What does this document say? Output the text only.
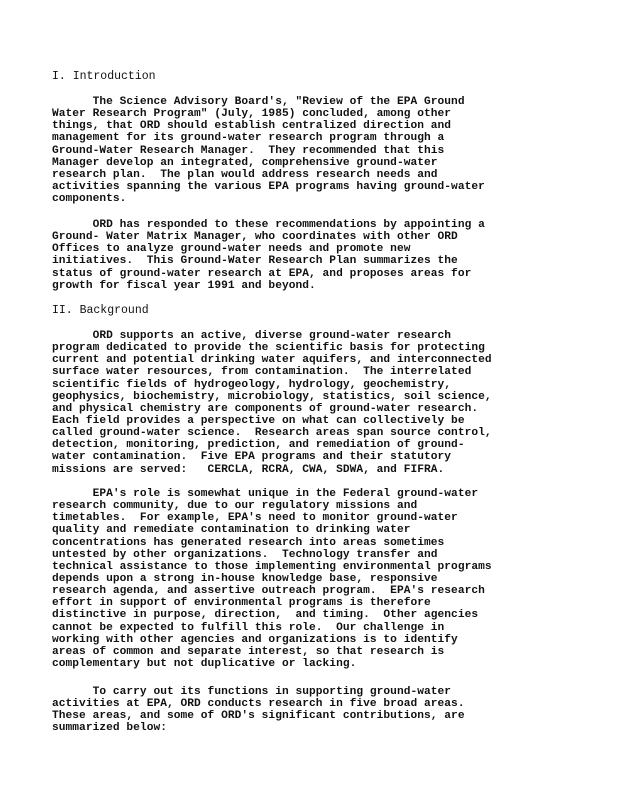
I. Introduction
The Science Advisory Board's, "Review of the EPA Ground
Water Research Program" (July, 1985) concluded, among other
things, that ORD should establish centralized direction and
management for its ground-water research program through a
Ground-Water Research Manager.  They recommended that this
Manager develop an integrated, comprehensive ground-water
research plan.  The plan would address research needs and
activities spanning the various EPA programs having ground-water
components.
ORD has responded to these recommendations by appointing a
Ground- Water Matrix Manager, who coordinates with other ORD
Offices to analyze ground-water needs and promote new
initiatives.  This Ground-Water Research Plan summarizes the
status of ground-water research at EPA, and proposes areas for
growth for fiscal year 1991 and beyond.
II. Background
ORD supports an active, diverse ground-water research
program dedicated to provide the scientific basis for protecting
current and potential drinking water aquifers, and interconnected
surface water resources, from contamination.  The interrelated
scientific fields of hydrogeology, hydrology, geochemistry,
geophysics, biochemistry, microbiology, statistics, soil science,
and physical chemistry are components of ground-water research.
Each field provides a perspective on what can collectively be
called ground-water science.  Research areas span source control,
detection, monitoring, prediction, and remediation of ground-
water contamination.  Five EPA programs and their statutory
missions are served:   CERCLA, RCRA, CWA, SDWA, and FIFRA.
EPA's role is somewhat unique in the Federal ground-water
research community, due to our regulatory missions and
timetables.  For example, EPA's need to monitor ground-water
quality and remediate contamination to drinking water
concentrations has generated research into areas sometimes
untested by other organizations.  Technology transfer and
technical assistance to those implementing environmental programs
depends upon a strong in-house knowledge base, responsive
research agenda, and assertive outreach program.  EPA's research
effort in support of environmental programs is therefore
distinctive in purpose, direction,  and timing.  Other agencies
cannot be expected to fulfill this role.  Our challenge in
working with other agencies and organizations is to identify
areas of common and separate interest, so that research is
complementary but not duplicative or lacking.
To carry out its functions in supporting ground-water
activities at EPA, ORD conducts research in five broad areas.
These areas, and some of ORD's significant contributions, are
summarized below:
